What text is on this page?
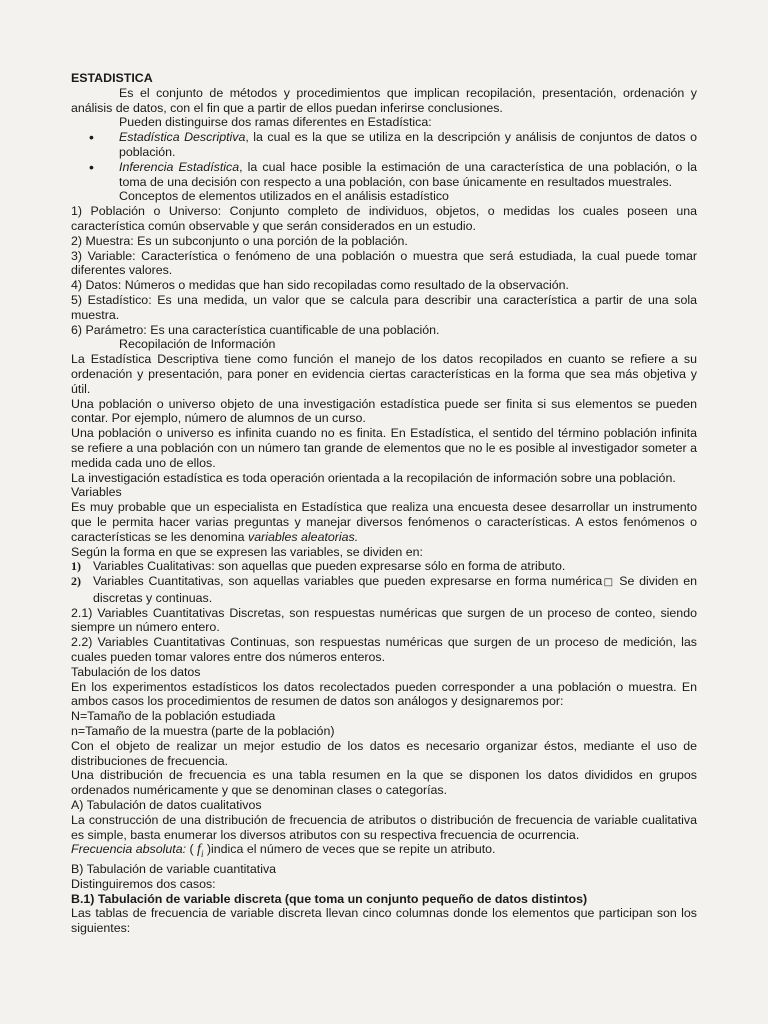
ESTADISTICA

Es el conjunto de métodos y procedimientos que implican recopilación, presentación, ordenación y análisis de datos, con el fin que a partir de ellos puedan inferirse conclusiones.

Pueden distinguirse dos ramas diferentes en Estadística:

• Estadística Descriptiva, la cual es la que se utiliza en la descripción y análisis de conjuntos de datos o población.
• Inferencia Estadística, la cual hace posible la estimación de una característica de una población, o la toma de una decisión con respecto a una población, con base únicamente en resultados muestrales.

Conceptos de elementos utilizados en el análisis estadístico

1) Población o Universo: Conjunto completo de individuos, objetos, o medidas los cuales poseen una característica común observable y que serán considerados en un estudio.

2) Muestra: Es un subconjunto o una porción de la población.

3) Variable: Característica o fenómeno de una población o muestra que será estudiada, la cual puede tomar diferentes valores.

4) Datos: Números o medidas que han sido recopiladas como resultado de la observación.

5) Estadístico: Es una medida, un valor que se calcula para describir una característica a partir de una sola muestra.

6) Parámetro: Es una característica cuantificable de una población.

Recopilación de Información

La Estadística Descriptiva tiene como función el manejo de los datos recopilados en cuanto se refiere a su ordenación y presentación, para poner en evidencia ciertas características en la forma que sea más objetiva y útil.

Una población o universo objeto de una investigación estadística puede ser finita si sus elementos se pueden contar. Por ejemplo, número de alumnos de un curso.

Una población o universo es infinita cuando no es finita. En Estadística, el sentido del término población infinita se refiere a una población con un número tan grande de elementos que no le es posible al investigador someter a medida cada uno de ellos.

La investigación estadística es toda operación orientada a la recopilación de información sobre una población.

Variables

Es muy probable que un especialista en Estadística que realiza una encuesta desee desarrollar un instrumento que le permita hacer varias preguntas y manejar diversos fenómenos o características. A estos fenómenos o características se les denomina variables aleatorias.

Según la forma en que se expresen las variables, se dividen en:

1) Variables Cualitativas: son aquellas que pueden expresarse sólo en forma de atributo.
2) Variables Cuantitativas, son aquellas variables que pueden expresarse en forma numérica□ Se dividen en discretas y continuas.

2.1) Variables Cuantitativas Discretas, son respuestas numéricas que surgen de un proceso de conteo, siendo siempre un número entero.

2.2) Variables Cuantitativas Continuas, son respuestas numéricas que surgen de un proceso de medición, las cuales pueden tomar valores entre dos números enteros.

Tabulación de los datos

En los experimentos estadísticos los datos recolectados pueden corresponder a una población o muestra. En ambos casos los procedimientos de resumen de datos son análogos y designaremos por:

N=Tamaño de la población estudiada

n=Tamaño de la muestra (parte de la población)

Con el objeto de realizar un mejor estudio de los datos es necesario organizar éstos, mediante el uso de distribuciones de frecuencia.

Una distribución de frecuencia es una tabla resumen en la que se disponen los datos divididos en grupos ordenados numéricamente y que se denominan clases o categorías.

A) Tabulación de datos cualitativos

La construcción de una distribución de frecuencia de atributos o distribución de frecuencia de variable cualitativa es simple, basta enumerar los diversos atributos con su respectiva frecuencia de ocurrencia.

Frecuencia absoluta: ( $f_i$ )indica el número de veces que se repite un atributo.

B) Tabulación de variable cuantitativa

Distinguiremos dos casos:

B.1) Tabulación de variable discreta (que toma un conjunto pequeño de datos distintos)

Las tablas de frecuencia de variable discreta llevan cinco columnas donde los elementos que participan son los siguientes:
